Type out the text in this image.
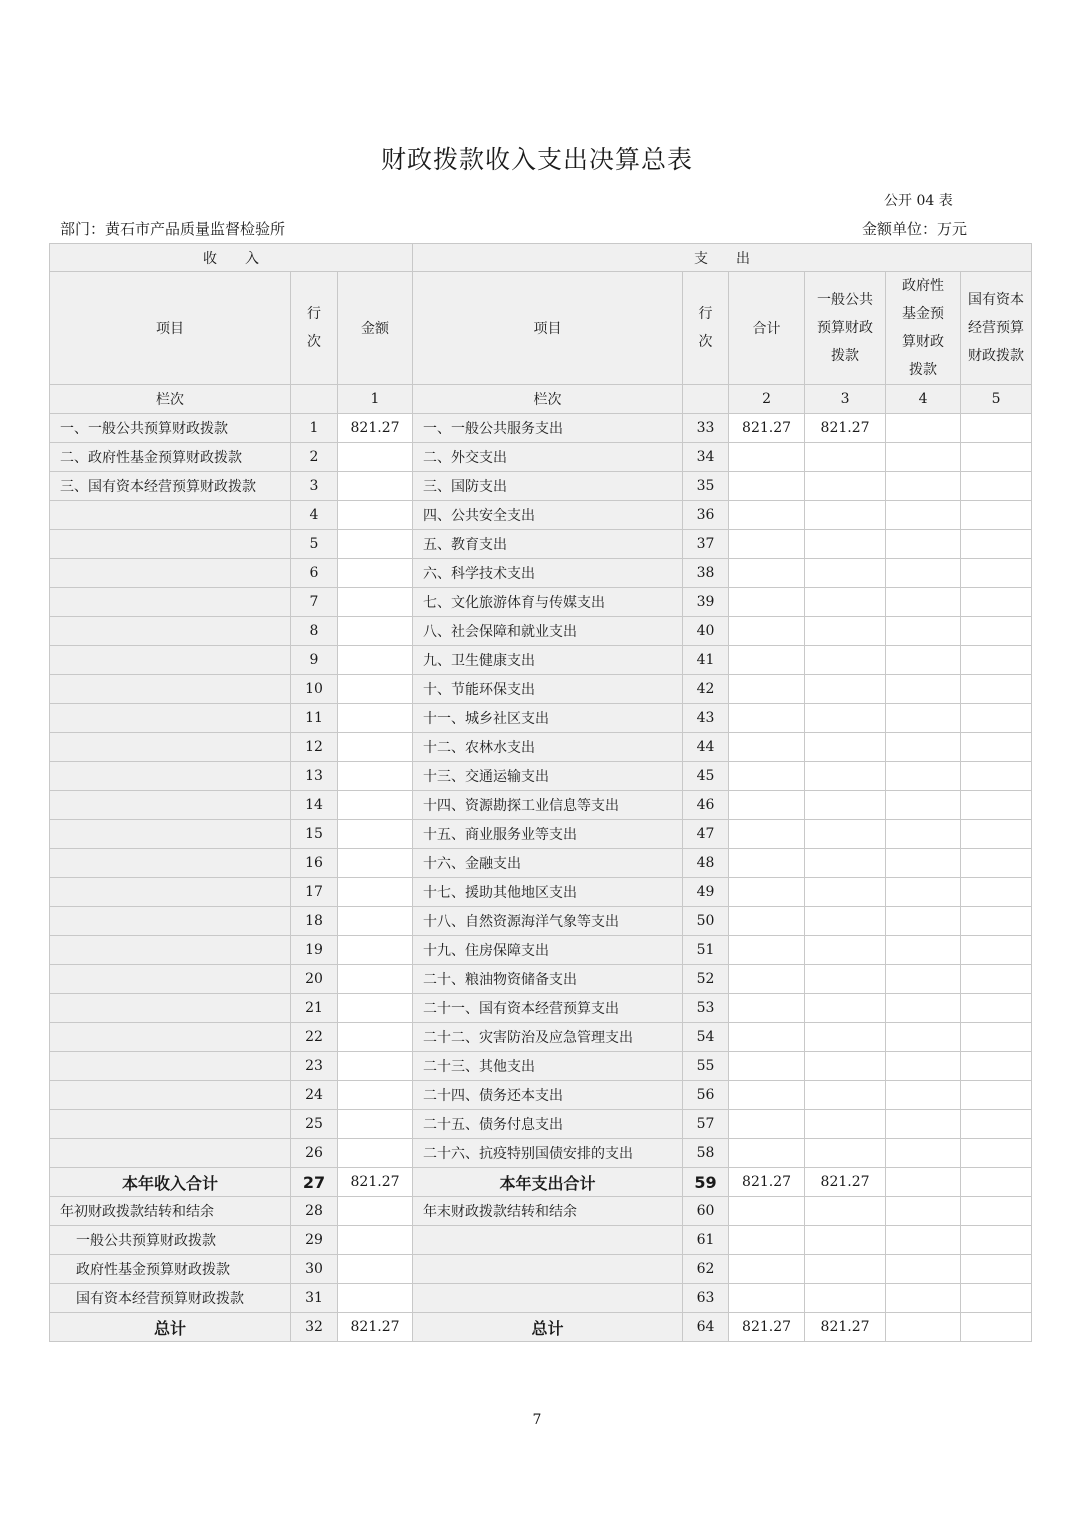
财政拨款收入支出决算总表
公开 04 表
部门：黄石市产品质量监督检验所	金额单位：万元
收　　入			支　　出					
项目	行次	金额	项目	行次	合计	一般公共预算财政拨款	政府性基金预算财政拨款	国有资本经营预算财政拨款
栏次		1	栏次		2	3	4	5
一、一般公共预算财政拨款	1	821.27	一、一般公共服务支出	33	821.27	821.27		
二、政府性基金预算财政拨款	2		二、外交支出	34				
三、国有资本经营预算财政拨款	3		三、国防支出	35				
	4		四、公共安全支出	36				
	5		五、教育支出	37				
	6		六、科学技术支出	38				
	7		七、文化旅游体育与传媒支出	39				
	8		八、社会保障和就业支出	40				
	9		九、卫生健康支出	41				
	10		十、节能环保支出	42				
	11		十一、城乡社区支出	43				
	12		十二、农林水支出	44				
	13		十三、交通运输支出	45				
	14		十四、资源勘探工业信息等支出	46				
	15		十五、商业服务业等支出	47				
	16		十六、金融支出	48				
	17		十七、援助其他地区支出	49				
	18		十八、自然资源海洋气象等支出	50				
	19		十九、住房保障支出	51				
	20		二十、粮油物资储备支出	52				
	21		二十一、国有资本经营预算支出	53				
	22		二十二、灾害防治及应急管理支出	54				
	23		二十三、其他支出	55				
	24		二十四、债务还本支出	56				
	25		二十五、债务付息支出	57				
	26		二十六、抗疫特别国债安排的支出	58				
本年收入合计	27	821.27	本年支出合计	59	821.27	821.27		
年初财政拨款结转和结余	28		年末财政拨款结转和结余	60				
一般公共预算财政拨款	29			61				
政府性基金预算财政拨款	30			62				
国有资本经营预算财政拨款	31			63				
总计	32	821.27	总计	64	821.27	821.27		
7
